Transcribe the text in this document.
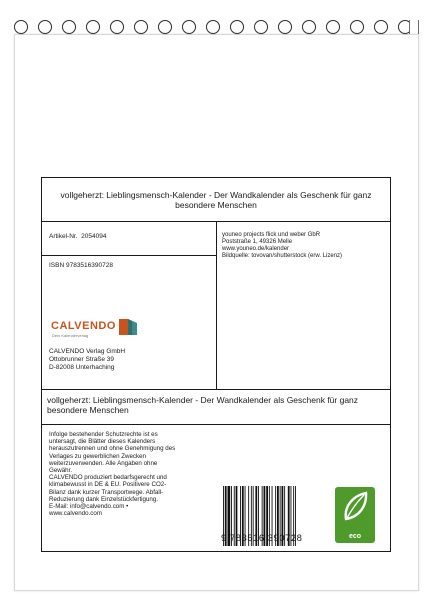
vollgeherzt: Lieblingsmensch-Kalender - Der Wandkalender als Geschenk für ganz besondere Menschen
Artikel-Nr. 2054094
ISBN 9783516390728
CALVENDO
Dein Kalenderverlag
CALVENDO Verlag GmbH
Ottobrunner Straße 39
D-82008 Unterhaching
youneo projects flick und weber GbR
Poststraße 1, 49326 Melle
www.youneo.de/kalender
Bildquelle: tovovan/shutterstock (erw. Lizenz)
vollgeherzt: Lieblingsmensch-Kalender - Der Wandkalender als Geschenk für ganz besondere Menschen
Infolge bestehender Schutzrechte ist es
untersagt, die Blätter dieses Kalenders
herauszutrennen und ohne Genehmigung des
Verlages zu gewerblichen Zwecken
weiterzuverwenden. Alle Angaben ohne
Gewähr.
CALVENDO produziert bedarfsgerecht und
klimabewusst in DE & EU. Positivere CO2-
Bilanz dank kurzer Transportwege. Abfall-
Reduzierung dank Einzelstückfertigung.
E-Mail: info@calvendo.com •
www.calvendo.com
9 783516 390728	eco
